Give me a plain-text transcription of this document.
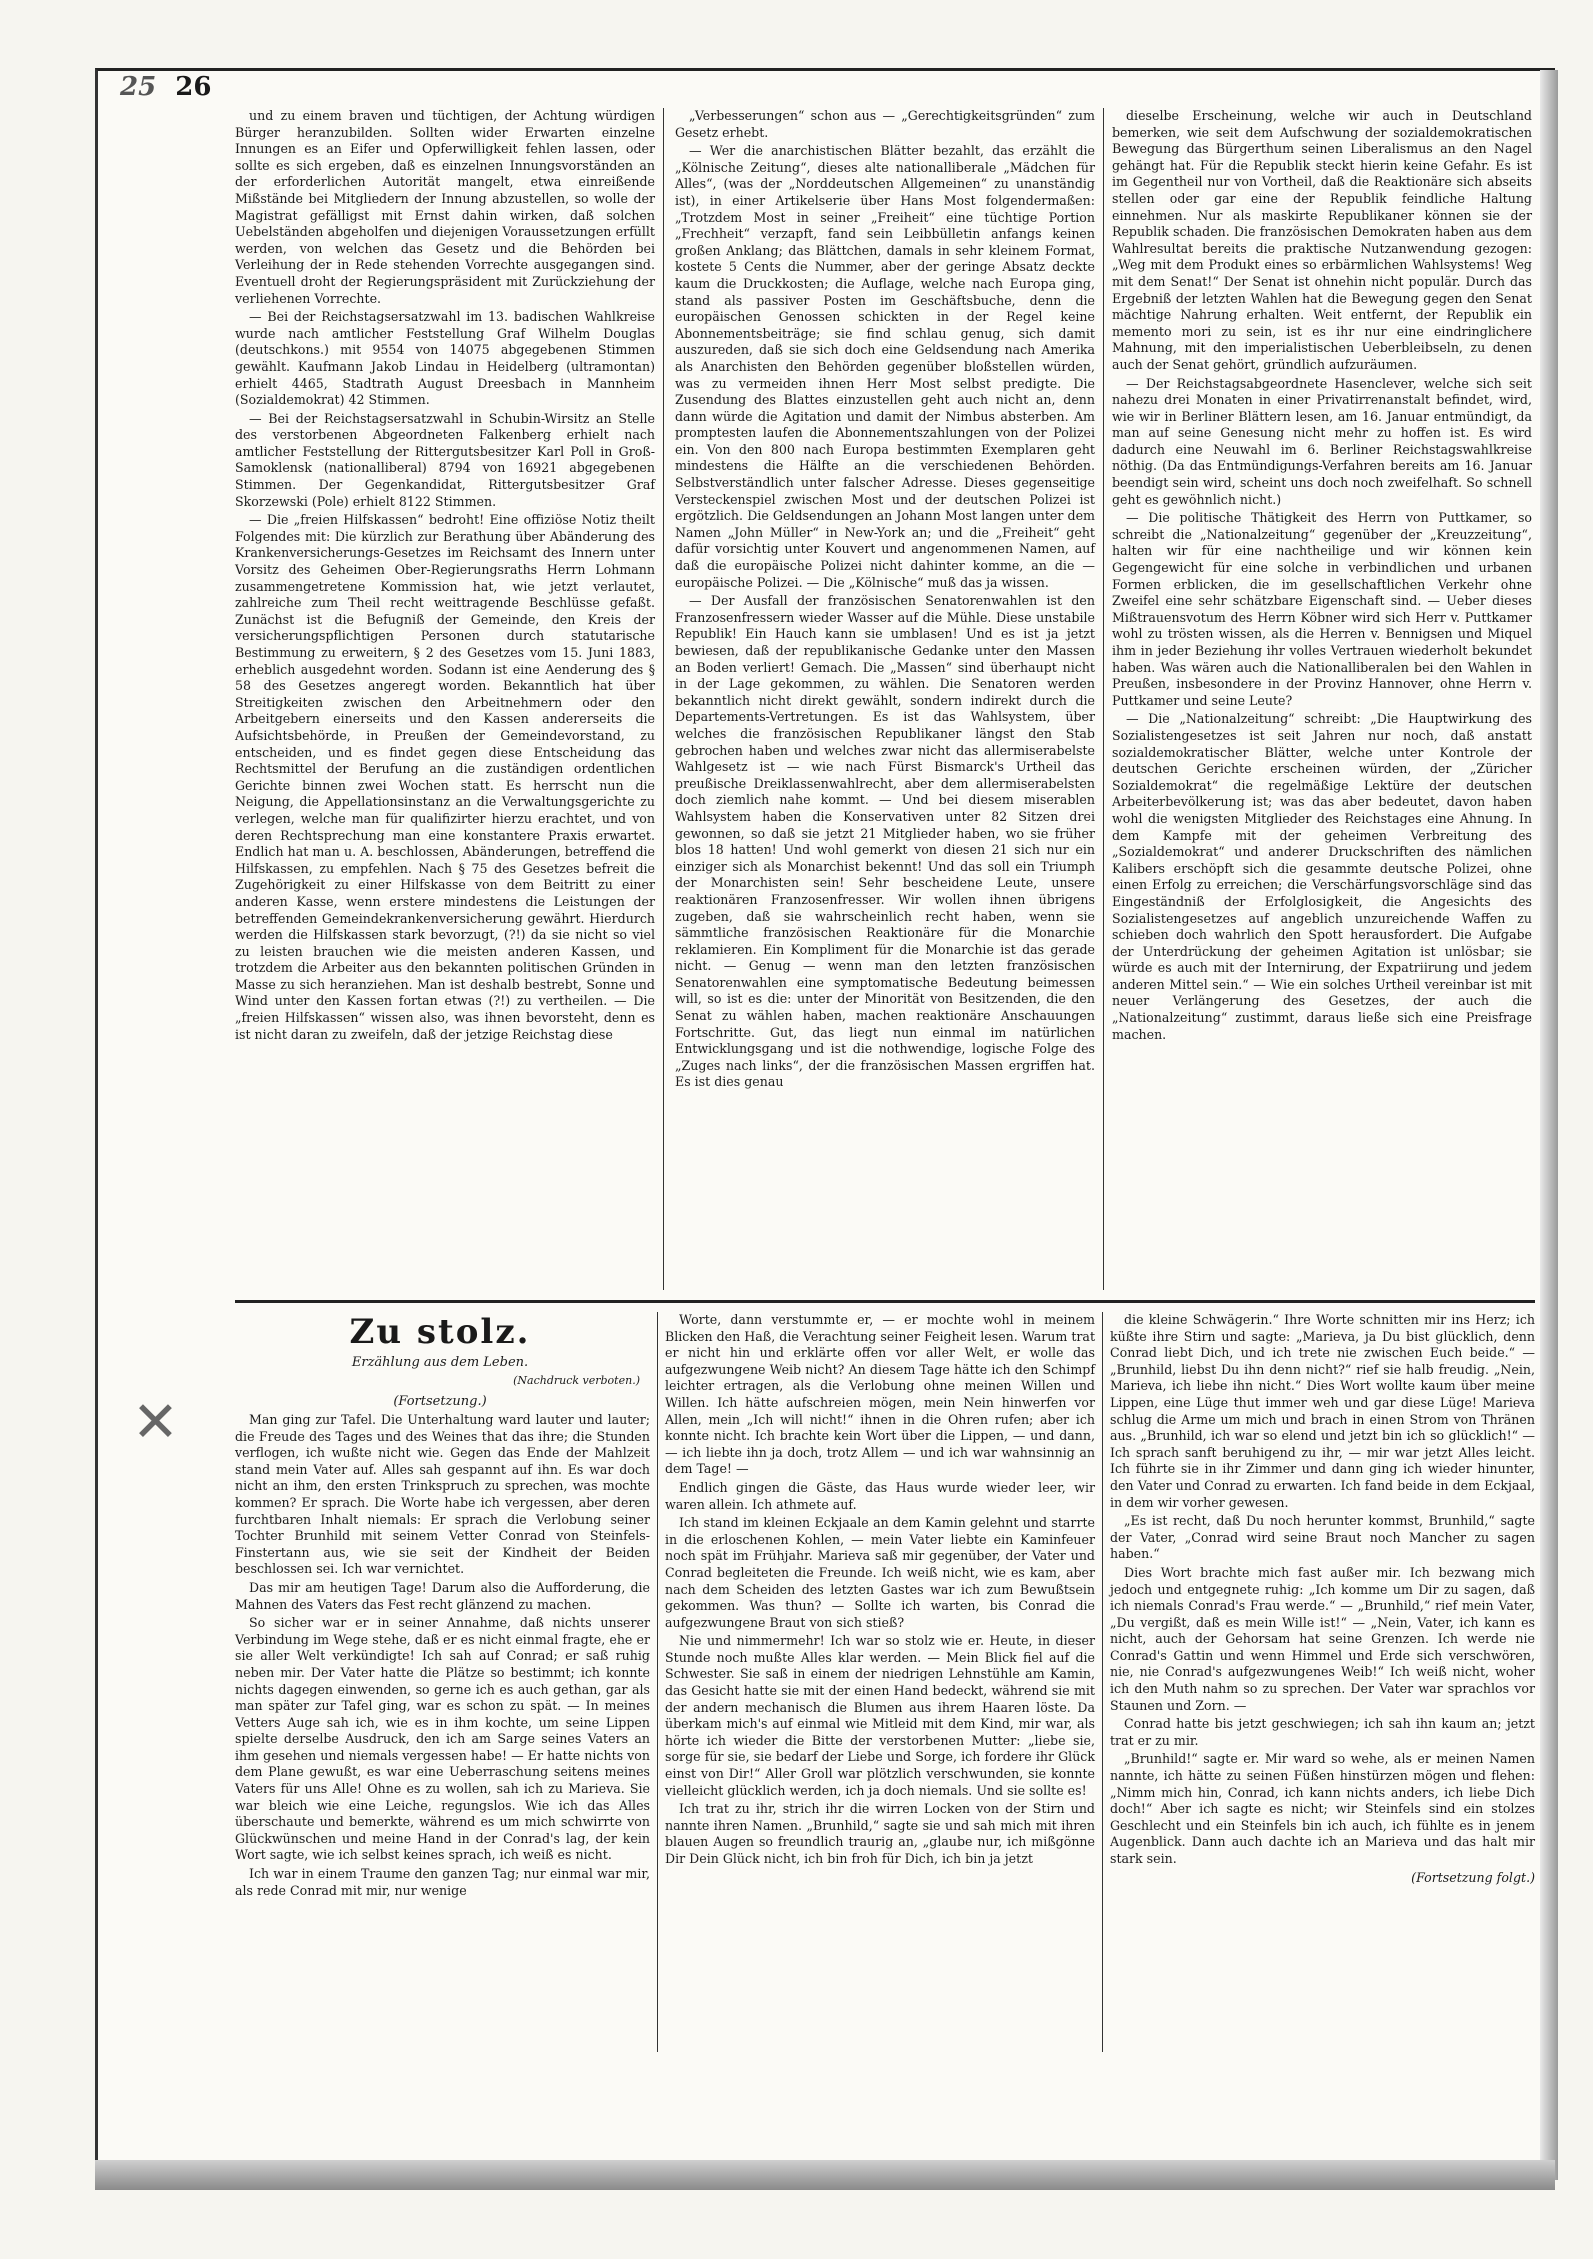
25 26

und zu einem braven und tüchtigen, der Achtung würdigen Bürger heranzubilden. Sollten wider Erwarten einzelne Innungen es an Eifer und Opferwilligkeit fehlen lassen, oder sollte es sich ergeben, daß es einzelnen Innungsvorständen an der erforderlichen Autorität mangelt, etwa einreißende Mißstände bei Mitgliedern der Innung abzustellen, so wolle der Magistrat gefälligst mit Ernst dahin wirken, daß solchen Uebelständen abgeholfen und diejenigen Voraussetzungen erfüllt werden, von welchen das Gesetz und die Behörden bei Verleihung der in Rede stehenden Vorrechte ausgegangen sind. Eventuell droht der Regierungspräsident mit Zurückziehung der verliehenen Vorrechte.

— Bei der Reichstagsersatzwahl im 13. badischen Wahlkreise wurde nach amtlicher Feststellung Graf Wilhelm Douglas (deutschkons.) mit 9554 von 14075 abgegebenen Stimmen gewählt. Kaufmann Jakob Lindau in Heidelberg (ultramontan) erhielt 4465, Stadtrath August Dreesbach in Mannheim (Sozialdemokrat) 42 Stimmen.

— Bei der Reichstagsersatzwahl in Schubin-Wirsitz an Stelle des verstorbenen Abgeordneten Falkenberg erhielt nach amtlicher Feststellung der Rittergutsbesitzer Karl Poll in Groß-Samoklensk (nationalliberal) 8794 von 16921 abgegebenen Stimmen. Der Gegenkandidat, Rittergutsbesitzer Graf Skorzewski (Pole) erhielt 8122 Stimmen.

— Die „freien Hilfskassen“ bedroht! Eine offiziöse Notiz theilt Folgendes mit: Die kürzlich zur Berathung über Abänderung des Krankenversicherungs-Gesetzes im Reichsamt des Innern unter Vorsitz des Geheimen Ober-Regierungsraths Herrn Lohmann zusammengetretene Kommission hat, wie jetzt verlautet, zahlreiche zum Theil recht weittragende Beschlüsse gefaßt. Zunächst ist die Befugniß der Gemeinde, den Kreis der versicherungspflichtigen Personen durch statutarische Bestimmung zu erweitern, § 2 des Gesetzes vom 15. Juni 1883, erheblich ausgedehnt worden. Sodann ist eine Aenderung des § 58 des Gesetzes angeregt worden. Bekanntlich hat über Streitigkeiten zwischen den Arbeitnehmern oder den Arbeitgebern einerseits und den Kassen andererseits die Aufsichtsbehörde, in Preußen der Gemeindevorstand, zu entscheiden, und es findet gegen diese Entscheidung das Rechtsmittel der Berufung an die zuständigen ordentlichen Gerichte binnen zwei Wochen statt. Es herrscht nun die Neigung, die Appellationsinstanz an die Verwaltungsgerichte zu verlegen, welche man für qualifizirter hierzu erachtet, und von deren Rechtsprechung man eine konstantere Praxis erwartet. Endlich hat man u. A. beschlossen, Abänderungen, betreffend die Hilfskassen, zu empfehlen. Nach § 75 des Gesetzes befreit die Zugehörigkeit zu einer Hilfskasse von dem Beitritt zu einer anderen Kasse, wenn erstere mindestens die Leistungen der betreffenden Gemeindekrankenversicherung gewährt. Hierdurch werden die Hilfskassen stark bevorzugt, (?!) da sie nicht so viel zu leisten brauchen wie die meisten anderen Kassen, und trotzdem die Arbeiter aus den bekannten politischen Gründen in Masse zu sich heranziehen. Man ist deshalb bestrebt, Sonne und Wind unter den Kassen fortan etwas (?!) zu vertheilen. — Die „freien Hilfskassen“ wissen also, was ihnen bevorsteht, denn es ist nicht daran zu zweifeln, daß der jetzige Reichstag diese

„Verbesserungen“ schon aus — „Gerechtigkeitsgründen“ zum Gesetz erhebt.

— Wer die anarchistischen Blätter bezahlt, das erzählt die „Kölnische Zeitung“, dieses alte nationalliberale „Mädchen für Alles“, (was der „Norddeutschen Allgemeinen“ zu unanständig ist), in einer Artikelserie über Hans Most folgendermaßen: „Trotzdem Most in seiner „Freiheit“ eine tüchtige Portion „Frechheit“ verzapft, fand sein Leibbülletin anfangs keinen großen Anklang; das Blättchen, damals in sehr kleinem Format, kostete 5 Cents die Nummer, aber der geringe Absatz deckte kaum die Druckkosten; die Auflage, welche nach Europa ging, stand als passiver Posten im Geschäftsbuche, denn die europäischen Genossen schickten in der Regel keine Abonnementsbeiträge; sie find schlau genug, sich damit auszureden, daß sie sich doch eine Geldsendung nach Amerika als Anarchisten den Behörden gegenüber bloßstellen würden, was zu vermeiden ihnen Herr Most selbst predigte. Die Zusendung des Blattes einzustellen geht auch nicht an, denn dann würde die Agitation und damit der Nimbus absterben. Am promptesten laufen die Abonnementszahlungen von der Polizei ein. Von den 800 nach Europa bestimmten Exemplaren geht mindestens die Hälfte an die verschiedenen Behörden. Selbstverständlich unter falscher Adresse. Dieses gegenseitige Versteckenspiel zwischen Most und der deutschen Polizei ist ergötzlich. Die Geldsendungen an Johann Most langen unter dem Namen „John Müller“ in New-York an; und die „Freiheit“ geht dafür vorsichtig unter Kouvert und angenommenen Namen, auf daß die europäische Polizei nicht dahinter komme, an die — europäische Polizei. — Die „Kölnische“ muß das ja wissen.

— Der Ausfall der französischen Senatorenwahlen ist den Franzosenfressern wieder Wasser auf die Mühle. Diese unstabile Republik! Ein Hauch kann sie umblasen! Und es ist ja jetzt bewiesen, daß der republikanische Gedanke unter den Massen an Boden verliert! Gemach. Die „Massen“ sind überhaupt nicht in der Lage gekommen, zu wählen. Die Senatoren werden bekanntlich nicht direkt gewählt, sondern indirekt durch die Departements-Vertretungen. Es ist das Wahlsystem, über welches die französischen Republikaner längst den Stab gebrochen haben und welches zwar nicht das allermiserabelste Wahlgesetz ist — wie nach Fürst Bismarck's Urtheil das preußische Dreiklassenwahlrecht, aber dem allermiserabelsten doch ziemlich nahe kommt. — Und bei diesem miserablen Wahlsystem haben die Konservativen unter 82 Sitzen drei gewonnen, so daß sie jetzt 21 Mitglieder haben, wo sie früher blos 18 hatten! Und wohl gemerkt von diesen 21 sich nur ein einziger sich als Monarchist bekennt! Und das soll ein Triumph der Monarchisten sein! Sehr bescheidene Leute, unsere reaktionären Franzosenfresser. Wir wollen ihnen übrigens zugeben, daß sie wahrscheinlich recht haben, wenn sie sämmtliche französischen Reaktionäre für die Monarchie reklamieren. Ein Kompliment für die Monarchie ist das gerade nicht. — Genug — wenn man den letzten französischen Senatorenwahlen eine symptomatische Bedeutung beimessen will, so ist es die: unter der Minorität von Besitzenden, die den Senat zu wählen haben, machen reaktionäre Anschauungen Fortschritte. Gut, das liegt nun einmal im natürlichen Entwicklungsgang und ist die nothwendige, logische Folge des „Zuges nach links“, der die französischen Massen ergriffen hat. Es ist dies genau

dieselbe Erscheinung, welche wir auch in Deutschland bemerken, wie seit dem Aufschwung der sozialdemokratischen Bewegung das Bürgerthum seinen Liberalismus an den Nagel gehängt hat. Für die Republik steckt hierin keine Gefahr. Es ist im Gegentheil nur von Vortheil, daß die Reaktionäre sich abseits stellen oder gar eine der Republik feindliche Haltung einnehmen. Nur als maskirte Republikaner können sie der Republik schaden. Die französischen Demokraten haben aus dem Wahlresultat bereits die praktische Nutzanwendung gezogen: „Weg mit dem Produkt eines so erbärmlichen Wahlsystems! Weg mit dem Senat!“ Der Senat ist ohnehin nicht populär. Durch das Ergebniß der letzten Wahlen hat die Bewegung gegen den Senat mächtige Nahrung erhalten. Weit entfernt, der Republik ein memento mori zu sein, ist es ihr nur eine eindringlichere Mahnung, mit den imperialistischen Ueberbleibseln, zu denen auch der Senat gehört, gründlich aufzuräumen.

— Der Reichstagsabgeordnete Hasenclever, welche sich seit nahezu drei Monaten in einer Privatirrenanstalt befindet, wird, wie wir in Berliner Blättern lesen, am 16. Januar entmündigt, da man auf seine Genesung nicht mehr zu hoffen ist. Es wird dadurch eine Neuwahl im 6. Berliner Reichstagswahlkreise nöthig. (Da das Entmündigungs-Verfahren bereits am 16. Januar beendigt sein wird, scheint uns doch noch zweifelhaft. So schnell geht es gewöhnlich nicht.)

— Die politische Thätigkeit des Herrn von Puttkamer, so schreibt die „Nationalzeitung“ gegenüber der „Kreuzzeitung“, halten wir für eine nachtheilige und wir können kein Gegengewicht für eine solche in verbindlichen und urbanen Formen erblicken, die im gesellschaftlichen Verkehr ohne Zweifel eine sehr schätzbare Eigenschaft sind. — Ueber dieses Mißtrauensvotum des Herrn Köbner wird sich Herr v. Puttkamer wohl zu trösten wissen, als die Herren v. Bennigsen und Miquel ihm in jeder Beziehung ihr volles Vertrauen wiederholt bekundet haben. Was wären auch die Nationalliberalen bei den Wahlen in Preußen, insbesondere in der Provinz Hannover, ohne Herrn v. Puttkamer und seine Leute?

— Die „Nationalzeitung“ schreibt: „Die Hauptwirkung des Sozialistengesetzes ist seit Jahren nur noch, daß anstatt sozialdemokratischer Blätter, welche unter Kontrole der deutschen Gerichte erscheinen würden, der „Züricher Sozialdemokrat“ die regelmäßige Lektüre der deutschen Arbeiterbevölkerung ist; was das aber bedeutet, davon haben wohl die wenigsten Mitglieder des Reichstages eine Ahnung. In dem Kampfe mit der geheimen Verbreitung des „Sozialdemokrat“ und anderer Druckschriften des nämlichen Kalibers erschöpft sich die gesammte deutsche Polizei, ohne einen Erfolg zu erreichen; die Verschärfungsvorschläge sind das Eingeständniß der Erfolglosigkeit, die Angesichts des Sozialistengesetzes auf angeblich unzureichende Waffen zu schieben doch wahrlich den Spott herausfordert. Die Aufgabe der Unterdrückung der geheimen Agitation ist unlösbar; sie würde es auch mit der Internirung, der Expatriirung und jedem anderen Mittel sein.“ — Wie ein solches Urtheil vereinbar ist mit neuer Verlängerung des Gesetzes, der auch die „Nationalzeitung“ zustimmt, daraus ließe sich eine Preisfrage machen.

✕
Zu stolz.
Erzählung aus dem Leben.
(Nachdruck verboten.)
(Fortsetzung.)

Man ging zur Tafel. Die Unterhaltung ward lauter und lauter; die Freude des Tages und des Weines that das ihre; die Stunden verflogen, ich wußte nicht wie. Gegen das Ende der Mahlzeit stand mein Vater auf. Alles sah gespannt auf ihn. Es war doch nicht an ihm, den ersten Trinkspruch zu sprechen, was mochte kommen? Er sprach. Die Worte habe ich vergessen, aber deren furchtbaren Inhalt niemals: Er sprach die Verlobung seiner Tochter Brunhild mit seinem Vetter Conrad von Steinfels-Finstertann aus, wie sie seit der Kindheit der Beiden beschlossen sei. Ich war vernichtet.

Das mir am heutigen Tage! Darum also die Aufforderung, die Mahnen des Vaters das Fest recht glänzend zu machen.

So sicher war er in seiner Annahme, daß nichts unserer Verbindung im Wege stehe, daß er es nicht einmal fragte, ehe er sie aller Welt verkündigte! Ich sah auf Conrad; er saß ruhig neben mir. Der Vater hatte die Plätze so bestimmt; ich konnte nichts dagegen einwenden, so gerne ich es auch gethan, gar als man später zur Tafel ging, war es schon zu spät. — In meines Vetters Auge sah ich, wie es in ihm kochte, um seine Lippen spielte derselbe Ausdruck, den ich am Sarge seines Vaters an ihm gesehen und niemals vergessen habe! — Er hatte nichts von dem Plane gewußt, es war eine Ueberraschung seitens meines Vaters für uns Alle! Ohne es zu wollen, sah ich zu Marieva. Sie war bleich wie eine Leiche, regungslos. Wie ich das Alles überschaute und bemerkte, während es um mich schwirrte von Glückwünschen und meine Hand in der Conrad's lag, der kein Wort sagte, wie ich selbst keines sprach, ich weiß es nicht.

Ich war in einem Traume den ganzen Tag; nur einmal war mir, als rede Conrad mit mir, nur wenige

Worte, dann verstummte er, — er mochte wohl in meinem Blicken den Haß, die Verachtung seiner Feigheit lesen. Warum trat er nicht hin und erklärte offen vor aller Welt, er wolle das aufgezwungene Weib nicht? An diesem Tage hätte ich den Schimpf leichter ertragen, als die Verlobung ohne meinen Willen und Willen. Ich hätte aufschreien mögen, mein Nein hinwerfen vor Allen, mein „Ich will nicht!“ ihnen in die Ohren rufen; aber ich konnte nicht. Ich brachte kein Wort über die Lippen, — und dann, — ich liebte ihn ja doch, trotz Allem — und ich war wahnsinnig an dem Tage! —

Endlich gingen die Gäste, das Haus wurde wieder leer, wir waren allein. Ich athmete auf.

Ich stand im kleinen Eckjaale an dem Kamin gelehnt und starrte in die erloschenen Kohlen, — mein Vater liebte ein Kaminfeuer noch spät im Frühjahr. Marieva saß mir gegenüber, der Vater und Conrad begleiteten die Freunde. Ich weiß nicht, wie es kam, aber nach dem Scheiden des letzten Gastes war ich zum Bewußtsein gekommen. Was thun? — Sollte ich warten, bis Conrad die aufgezwungene Braut von sich stieß?

Nie und nimmermehr! Ich war so stolz wie er. Heute, in dieser Stunde noch mußte Alles klar werden. — Mein Blick fiel auf die Schwester. Sie saß in einem der niedrigen Lehnstühle am Kamin, das Gesicht hatte sie mit der einen Hand bedeckt, während sie mit der andern mechanisch die Blumen aus ihrem Haaren löste. Da überkam mich's auf einmal wie Mitleid mit dem Kind, mir war, als hörte ich wieder die Bitte der verstorbenen Mutter: „liebe sie, sorge für sie, sie bedarf der Liebe und Sorge, ich fordere ihr Glück einst von Dir!“ Aller Groll war plötzlich verschwunden, sie konnte vielleicht glücklich werden, ich ja doch niemals. Und sie sollte es!

Ich trat zu ihr, strich ihr die wirren Locken von der Stirn und nannte ihren Namen. „Brunhild,“ sagte sie und sah mich mit ihren blauen Augen so freundlich traurig an, „glaube nur, ich mißgönne Dir Dein Glück nicht, ich bin froh für Dich, ich bin ja jetzt

die kleine Schwägerin.“ Ihre Worte schnitten mir ins Herz; ich küßte ihre Stirn und sagte: „Marieva, ja Du bist glücklich, denn Conrad liebt Dich, und ich trete nie zwischen Euch beide.“ — „Brunhild, liebst Du ihn denn nicht?“ rief sie halb freudig. „Nein, Marieva, ich liebe ihn nicht.“ Dies Wort wollte kaum über meine Lippen, eine Lüge thut immer weh und gar diese Lüge! Marieva schlug die Arme um mich und brach in einen Strom von Thränen aus. „Brunhild, ich war so elend und jetzt bin ich so glücklich!“ — Ich sprach sanft beruhigend zu ihr, — mir war jetzt Alles leicht. Ich führte sie in ihr Zimmer und dann ging ich wieder hinunter, den Vater und Conrad zu erwarten. Ich fand beide in dem Eckjaal, in dem wir vorher gewesen.

„Es ist recht, daß Du noch herunter kommst, Brunhild,“ sagte der Vater, „Conrad wird seine Braut noch Mancher zu sagen haben.“

Dies Wort brachte mich fast außer mir. Ich bezwang mich jedoch und entgegnete ruhig: „Ich komme um Dir zu sagen, daß ich niemals Conrad's Frau werde.“ — „Brunhild,“ rief mein Vater, „Du vergißt, daß es mein Wille ist!“ — „Nein, Vater, ich kann es nicht, auch der Gehorsam hat seine Grenzen. Ich werde nie Conrad's Gattin und wenn Himmel und Erde sich verschwören, nie, nie Conrad's aufgezwungenes Weib!“ Ich weiß nicht, woher ich den Muth nahm so zu sprechen. Der Vater war sprachlos vor Staunen und Zorn. —

Conrad hatte bis jetzt geschwiegen; ich sah ihn kaum an; jetzt trat er zu mir.

„Brunhild!“ sagte er. Mir ward so wehe, als er meinen Namen nannte, ich hätte zu seinen Füßen hinstürzen mögen und flehen: „Nimm mich hin, Conrad, ich kann nichts anders, ich liebe Dich doch!“ Aber ich sagte es nicht; wir Steinfels sind ein stolzes Geschlecht und ein Steinfels bin ich auch, ich fühlte es in jenem Augenblick. Dann auch dachte ich an Marieva und das halt mir stark sein.

(Fortsetzung folgt.)
